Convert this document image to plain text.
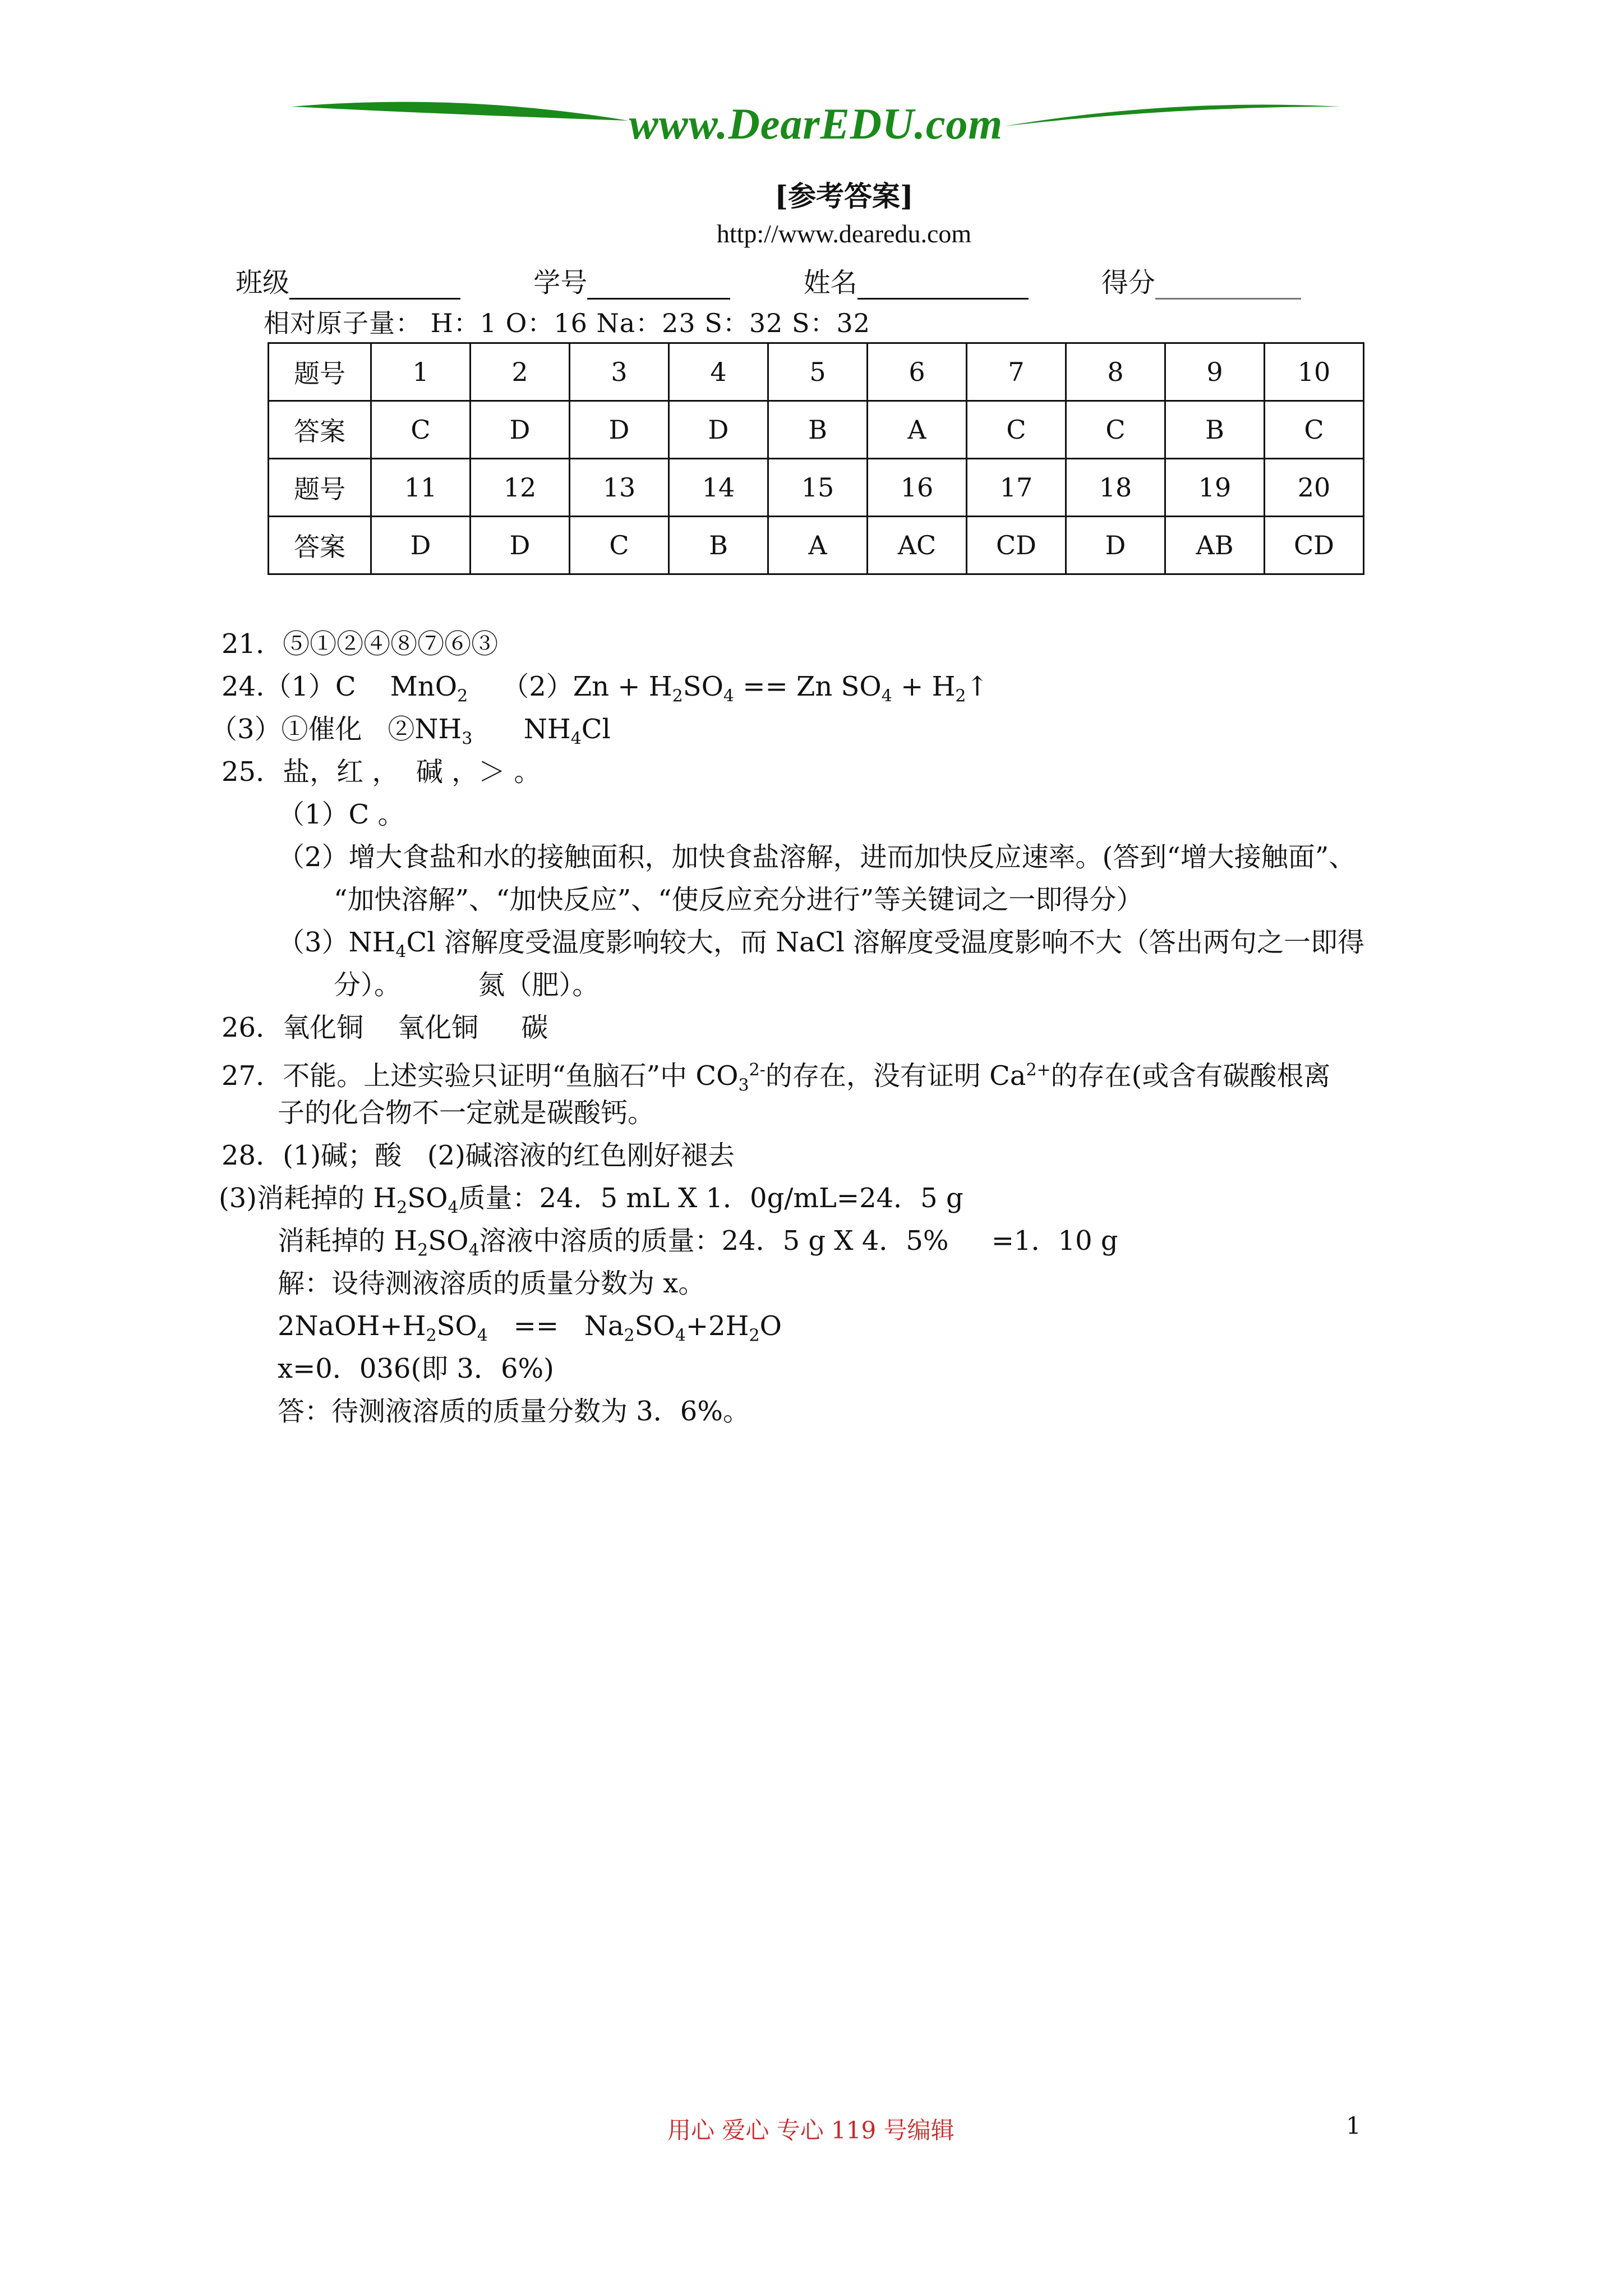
www.DearEDU.com
[参考答案]
http://www.dearedu.com
班级	学号	姓名	得分
相对原子量： H：1 O：16 Na：23 S：32 S：32
题号	1	2	3	4	5	6	7	8	9	10
答案	C	D	D	D	B	A	C	C	B	C
题号	11	12	13	14	15	16	17	18	19	20
答案	D	D	C	B	A	AC	CD	D	AB	CD
21．⑤①②④⑧⑦⑥③
24.（1）C    MnO$_2$    $(2)Zn + H_2SO_4 == Zn$ $SO_4$ + $H_2↑$
（3）①催化   $②NH_3$      $NH_4Cl$
25．盐，红 ，  碱 ，＞ 。
（1）C 。
（2）增大食盐和水的接触面积，加快食盐溶解，进而加快反应速率。(答到“增大接触面”、
“加快溶解”、“加快反应”、“使反应充分进行”等关键词之一即得分）
$(3)NH_4Cl$ 溶解度受温度影响较大，而 NaCl 溶解度受温度影响不大（答出两句之一即得
分）。         氮（肥）。
26．氧化铜    氧化铜     碳
27．不能。上述实验只证明“鱼脑石”中 $CO_3^{2-}$的存在，没有证明 $Ca^{2+}$的存在(或含有碳酸根离
子的化合物不一定就是碳酸钙。
28．(1)碱；酸   (2)碱溶液的红色刚好褪去
(3)消耗掉的 $H_2SO_4$质量：24．5 mL X 1．0g/mL=24．5 g
消耗掉的 $H_2SO_4$溶液中溶质的质量：24．5 g X 4．5%     =1．10 g
解：设待测液溶质的质量分数为 x。
$2NaOH+H_2SO_4 == Na_2SO_4+2H_2O$
x=0．036(即 3．6%)
答：待测液溶质的质量分数为 3．6%。
用心 爱心 专心 119 号编辑	1
